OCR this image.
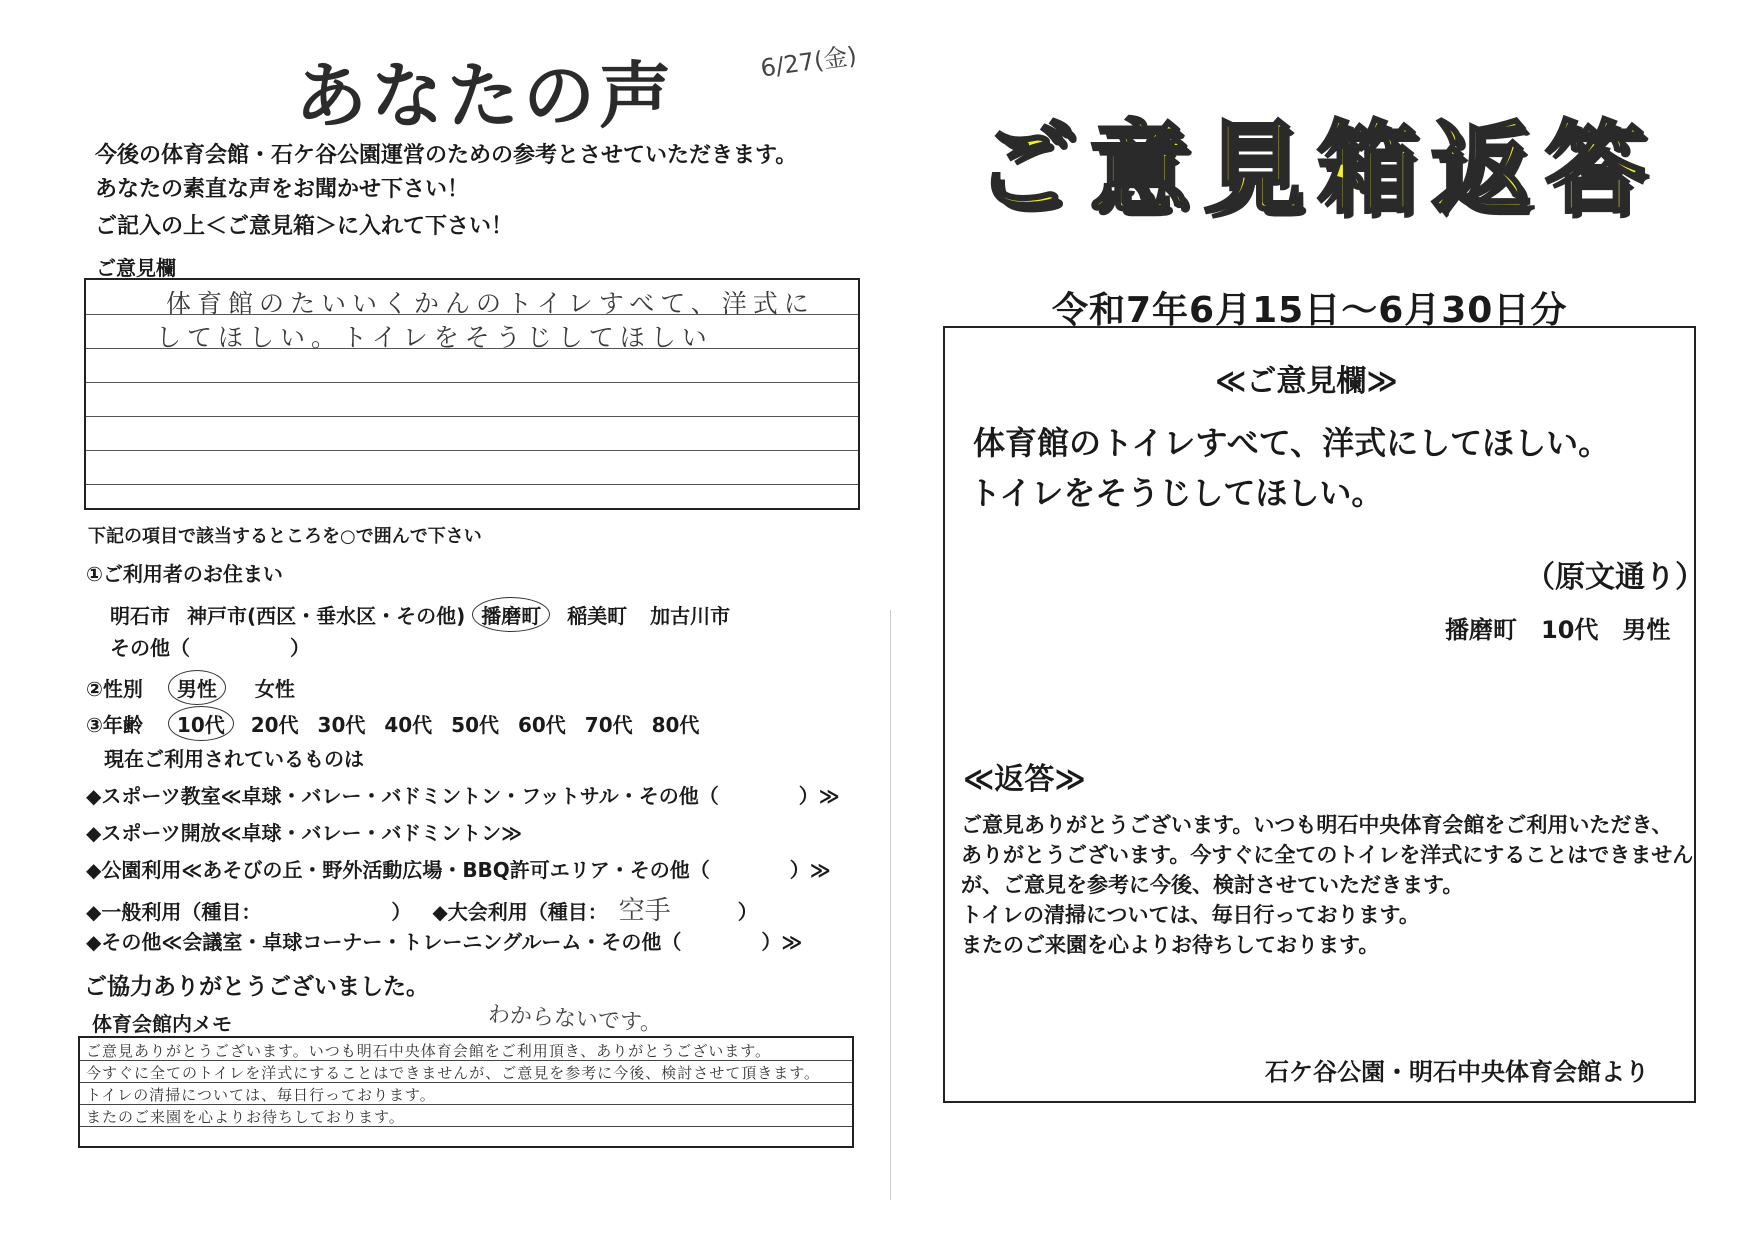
あなたの声	6/27(金)
今後の体育会館・石ケ谷公園運営のための参考とさせていただきます。
あなたの素直な声をお聞かせ下さい！
ご記入の上＜ご意見箱＞に入れて下さい！
ご意見欄
体育館のたいいくかんのトイレすべて、洋式に
してほしい。トイレをそうじしてほしい
下記の項目で該当するところを○で囲んで下さい
①ご利用者のお住まい
明石市 神戸市(西区・垂水区・その他) 播磨町 稲美町 加古川市
その他（　　　　　）
②性別 男性 女性
③年齢 10代 20代 30代 40代 50代 60代 70代 80代
現在ご利用されているものは
◆スポーツ教室≪卓球・バレー・バドミントン・フットサル・その他（　　　　）≫
◆スポーツ開放≪卓球・バレー・バドミントン≫
◆公園利用≪あそびの丘・野外活動広場・BBQ許可エリア・その他（　　　　）≫
◆一般利用（種目：　　　　　　　） ◆大会利用（種目： 空手	）
◆その他≪会議室・卓球コーナー・トレーニングルーム・その他（　　　　）≫
ご協力ありがとうございました。
体育会館内メモ	わからないです。
ご意見ありがとうございます。いつも明石中央体育会館をご利用頂き、ありがとうございます。
今すぐに全てのトイレを洋式にすることはできませんが、ご意見を参考に今後、検討させて頂きます。
トイレの清掃については、毎日行っております。
またのご来園を心よりお待ちしております。
ご意見箱返答
令和7年6月15日～6月30日分
≪ご意見欄≫
体育館のトイレすべて、洋式にしてほしい。
トイレをそうじしてほしい。
（原文通り）
播磨町　10代　男性
≪返答≫
ご意見ありがとうございます。いつも明石中央体育会館をご利用いただき、
ありがとうございます。今すぐに全てのトイレを洋式にすることはできません
が、ご意見を参考に今後、検討させていただきます。
トイレの清掃については、毎日行っております。
またのご来園を心よりお待ちしております。
石ケ谷公園・明石中央体育会館より
